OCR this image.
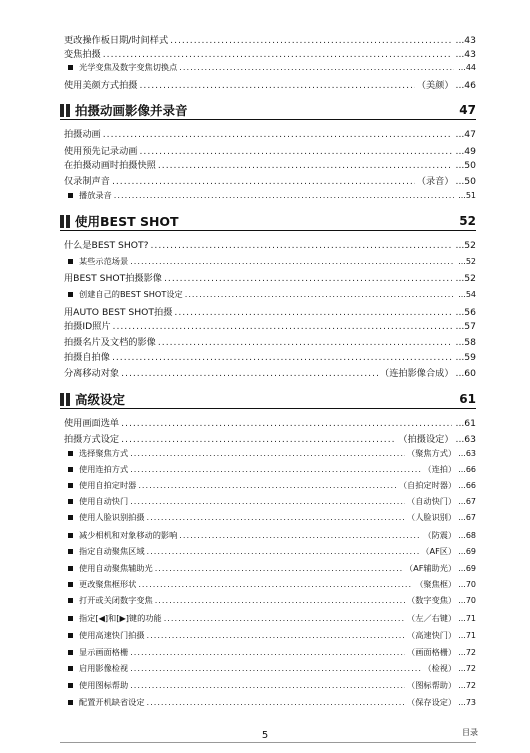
更改操作板日期/时间样式 .....	...43
变焦拍摄 .....	...43
光学变焦及数字变焦切换点 .....	...44
使用美颜方式拍摄 .....	（美颜） ...46
拍摄动画影像并录音	47
拍摄动画 .....	...47
使用预先记录动画 .....	...49
在拍摄动画时拍摄快照 .....	...50
仅录制声音 .....	（录音） ...50
播放录音 .....	...51
使用BEST SHOT	52
什么是BEST SHOT? .....	...52
某些示范场景 .....	...52
用BEST SHOT拍摄影像 .....	...52
创建自己的BEST SHOT设定 .....	...54
用AUTO BEST SHOT拍摄 .....	...56
拍摄ID照片 .....	...57
拍摄名片及文档的影像 .....	...58
拍摄自拍像 .....	...59
分离移动对象 .....	（连拍影像合成） ...60
高级设定	61
使用画面选单 .....	...61
拍摄方式设定 .....	（拍摄设定） ...63
选择聚焦方式 .....	（聚焦方式） ...63
使用连拍方式 .....	（连拍） ...66
使用自拍定时器 .....	（自拍定时器） ...66
使用自动快门 .....	（自动快门） ...67
使用人脸识别拍摄 .....	（人脸识别） ...67
减少相机和对象移动的影响 .....	（防震） ...68
指定自动聚焦区域 .....	（AF区） ...69
使用自动聚焦辅助光 .....	（AF辅助光） ...69
更改聚焦框形状 .....	（聚焦框） ...70
打开或关闭数字变焦 .....	（数字变焦） ...70
指定[◀]和[▶]键的功能 .....	（左／右键） ...71
使用高速快门拍摄 .....	（高速快门） ...71
显示画面格栅 .....	（画面格栅） ...72
启用影像检视 .....	（检视） ...72
使用图标帮助 .....	（图标帮助） ...72
配置开机缺省设定 .....	（保存设定） ...73
5	目录
